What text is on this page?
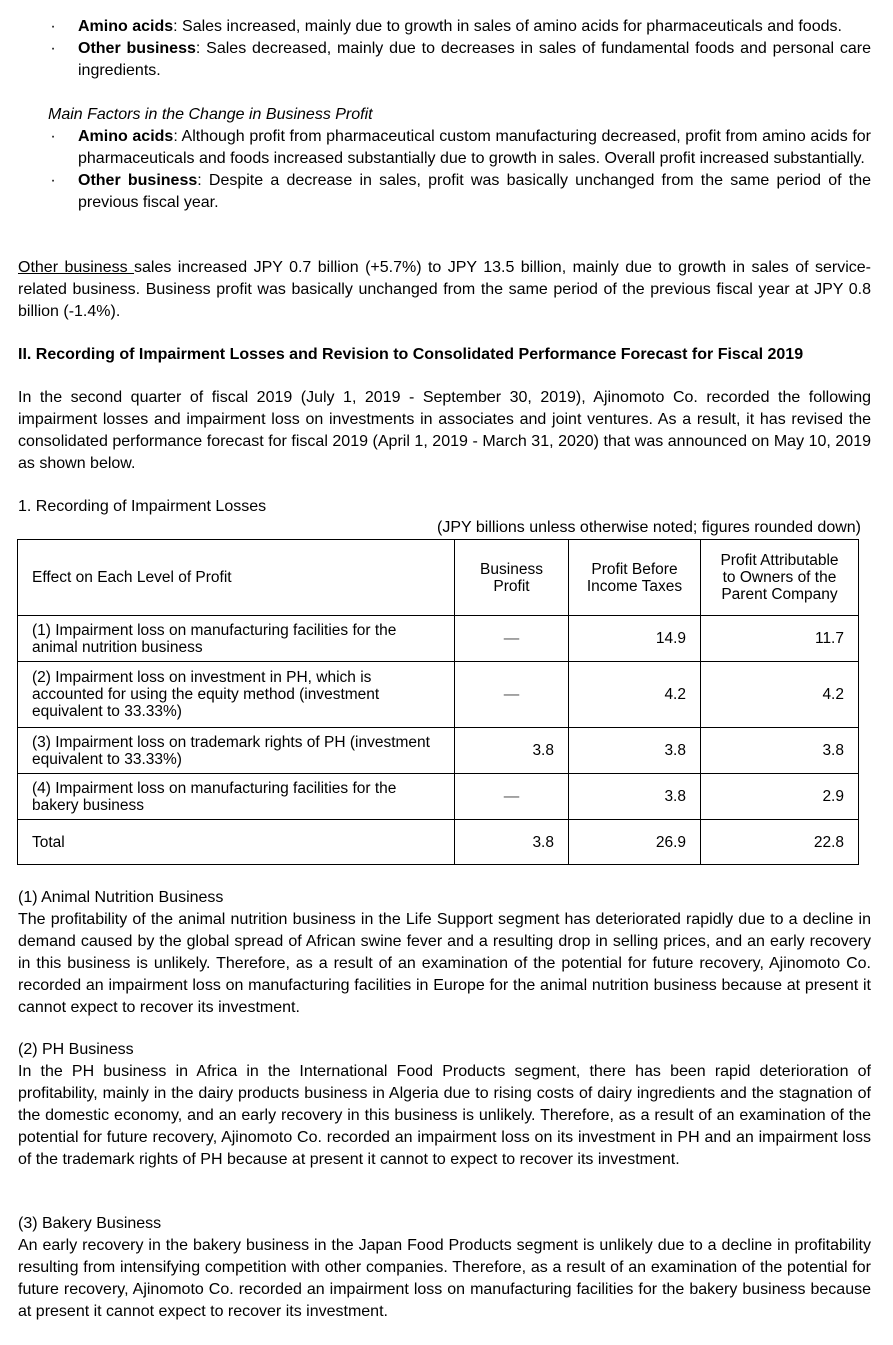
· Amino acids: Sales increased, mainly due to growth in sales of amino acids for pharmaceuticals and foods.
· Other business: Sales decreased, mainly due to decreases in sales of fundamental foods and personal care ingredients.
Main Factors in the Change in Business Profit
· Amino acids: Although profit from pharmaceutical custom manufacturing decreased, profit from amino acids for pharmaceuticals and foods increased substantially due to growth in sales. Overall profit increased substantially.
· Other business: Despite a decrease in sales, profit was basically unchanged from the same period of the previous fiscal year.

Other business sales increased JPY 0.7 billion (+5.7%) to JPY 13.5 billion, mainly due to growth in sales of service-related business. Business profit was basically unchanged from the same period of the previous fiscal year at JPY 0.8 billion (-1.4%).

II. Recording of Impairment Losses and Revision to Consolidated Performance Forecast for Fiscal 2019

In the second quarter of fiscal 2019 (July 1, 2019 - September 30, 2019), Ajinomoto Co. recorded the following impairment losses and impairment loss on investments in associates and joint ventures. As a result, it has revised the consolidated performance forecast for fiscal 2019 (April 1, 2019 - March 31, 2020) that was announced on May 10, 2019 as shown below.

1. Recording of Impairment Losses

(JPY billions unless otherwise noted; figures rounded down)
Effect on Each Level of Profit	Business Profit	Profit Before Income Taxes	Profit Attributable to Owners of the Parent Company
(1) Impairment loss on manufacturing facilities for the animal nutrition business	—	14.9	11.7
(2) Impairment loss on investment in PH, which is accounted for using the equity method (investment equivalent to 33.33%)	—	4.2	4.2
(3) Impairment loss on trademark rights of PH (investment equivalent to 33.33%)	3.8	3.8	3.8
(4) Impairment loss on manufacturing facilities for the bakery business	—	3.8	2.9
Total	3.8	26.9	22.8

(1) Animal Nutrition Business

The profitability of the animal nutrition business in the Life Support segment has deteriorated rapidly due to a decline in demand caused by the global spread of African swine fever and a resulting drop in selling prices, and an early recovery in this business is unlikely. Therefore, as a result of an examination of the potential for future recovery, Ajinomoto Co. recorded an impairment loss on manufacturing facilities in Europe for the animal nutrition business because at present it cannot expect to recover its investment.

(2) PH Business

In the PH business in Africa in the International Food Products segment, there has been rapid deterioration of profitability, mainly in the dairy products business in Algeria due to rising costs of dairy ingredients and the stagnation of the domestic economy, and an early recovery in this business is unlikely. Therefore, as a result of an examination of the potential for future recovery, Ajinomoto Co. recorded an impairment loss on its investment in PH and an impairment loss of the trademark rights of PH because at present it cannot to expect to recover its investment.

(3) Bakery Business

An early recovery in the bakery business in the Japan Food Products segment is unlikely due to a decline in profitability resulting from intensifying competition with other companies. Therefore, as a result of an examination of the potential for future recovery, Ajinomoto Co. recorded an impairment loss on manufacturing facilities for the bakery business because at present it cannot expect to recover its investment.
